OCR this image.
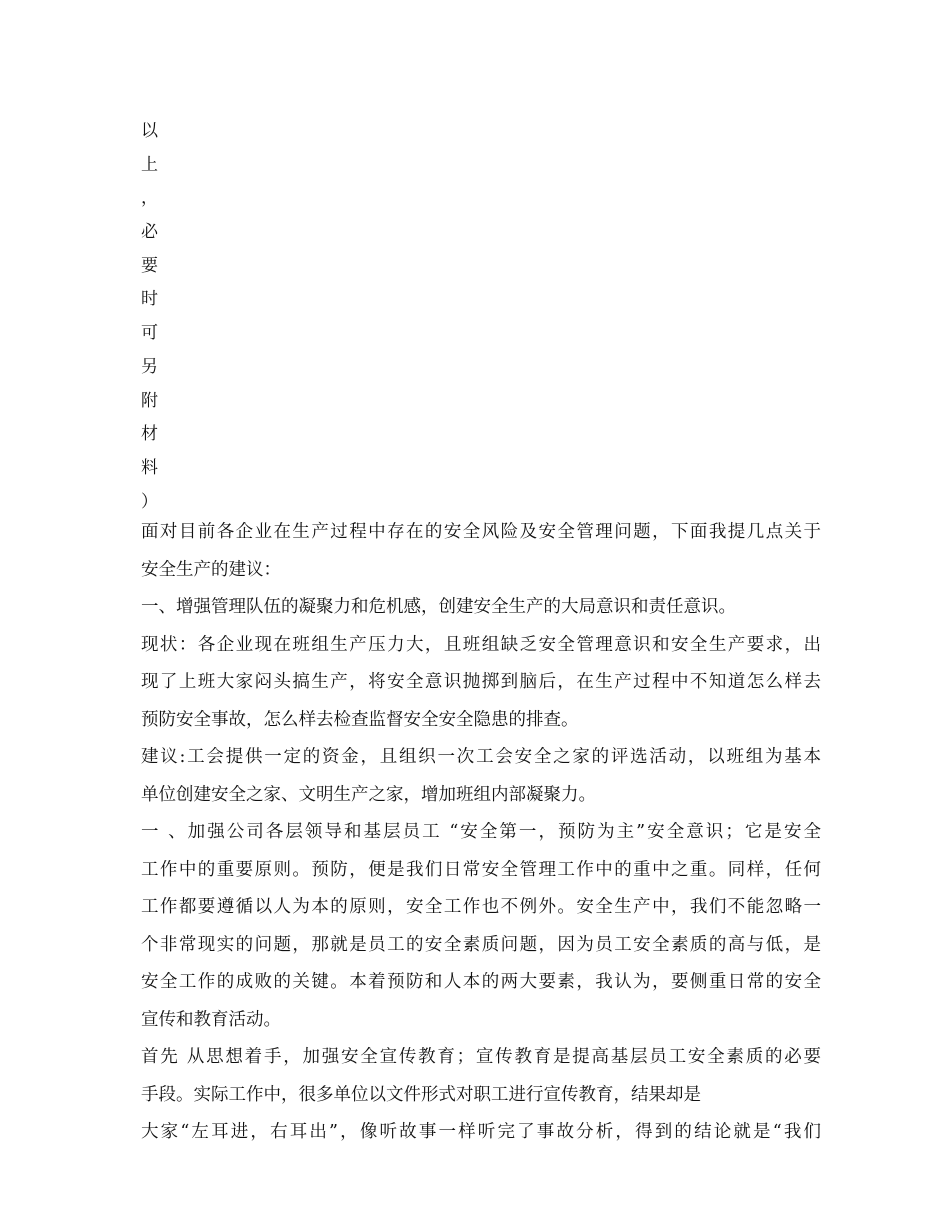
以
上
，
必
要
时
可
另
附
材
料
）
面对目前各企业在生产过程中存在的安全风险及安全管理问题，下面我提几点关于
安全生产的建议：
一、增强管理队伍的凝聚力和危机感，创建安全生产的大局意识和责任意识。
现状：各企业现在班组生产压力大，且班组缺乏安全管理意识和安全生产要求，出
现了上班大家闷头搞生产，将安全意识抛掷到脑后，在生产过程中不知道怎么样去
预防安全事故，怎么样去检查监督安全安全隐患的排查。
建议:工会提供一定的资金，且组织一次工会安全之家的评选活动，以班组为基本
单位创建安全之家、文明生产之家，增加班组内部凝聚力。
一 、加强公司各层领导和基层员工 “安全第一，预防为主”安全意识；它是安全
工作中的重要原则。预防，便是我们日常安全管理工作中的重中之重。同样，任何
工作都要遵循以人为本的原则，安全工作也不例外。安全生产中，我们不能忽略一
个非常现实的问题，那就是员工的安全素质问题，因为员工安全素质的高与低，是
安全工作的成败的关键。本着预防和人本的两大要素，我认为，要侧重日常的安全
宣传和教育活动。
首先 从思想着手，加强安全宣传教育；宣传教育是提高基层员工安全素质的必要
手段。实际工作中，很多单位以文件形式对职工进行宣传教育，结果却是
大家“左耳进，右耳出”，像听故事一样听完了事故分析，得到的结论就是“我们
